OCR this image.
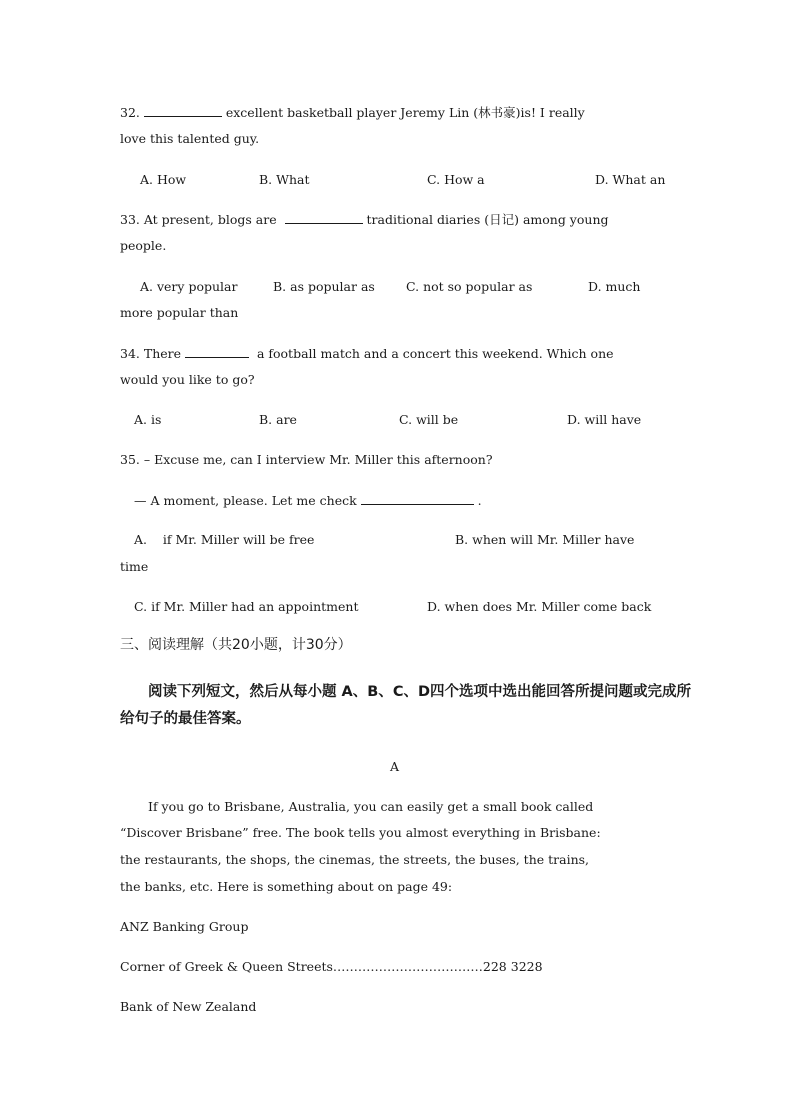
32.	excellent basketball player Jeremy Lin (林书豪)is! I really
love this talented guy.
A. How	B. What	C. How a	D. What an
33. At present, blogs are	traditional diaries (日记) among young
people.
A. very popular	B. as popular as C. not so popular as	D. much
more popular than
34. There	a football match and a concert this weekend. Which one
would you like to go?
A. is	B. are	C. will be	D. will have
35. – Excuse me, can I interview Mr. Miller this afternoon?
— A moment, please. Let me check	.
A.    if Mr. Miller will be free	B. when will Mr. Miller have
time
C. if Mr. Miller had an appointment	D. when does Mr. Miller come back
三、阅读理解（共20小题，计30分）
阅读下列短文，然后从每小题 A、B、C、D四个选项中选出能回答所提问题或完成所
给句子的最佳答案。
A
If you go to Brisbane, Australia, you can easily get a small book called
“Discover Brisbane” free. The book tells you almost everything in Brisbane:
the restaurants, the shops, the cinemas, the streets, the buses, the trains,
the banks, etc. Here is something about on page 49:
ANZ Banking Group
Corner of Greek & Queen Streets………………………………228 3228
Bank of New Zealand
